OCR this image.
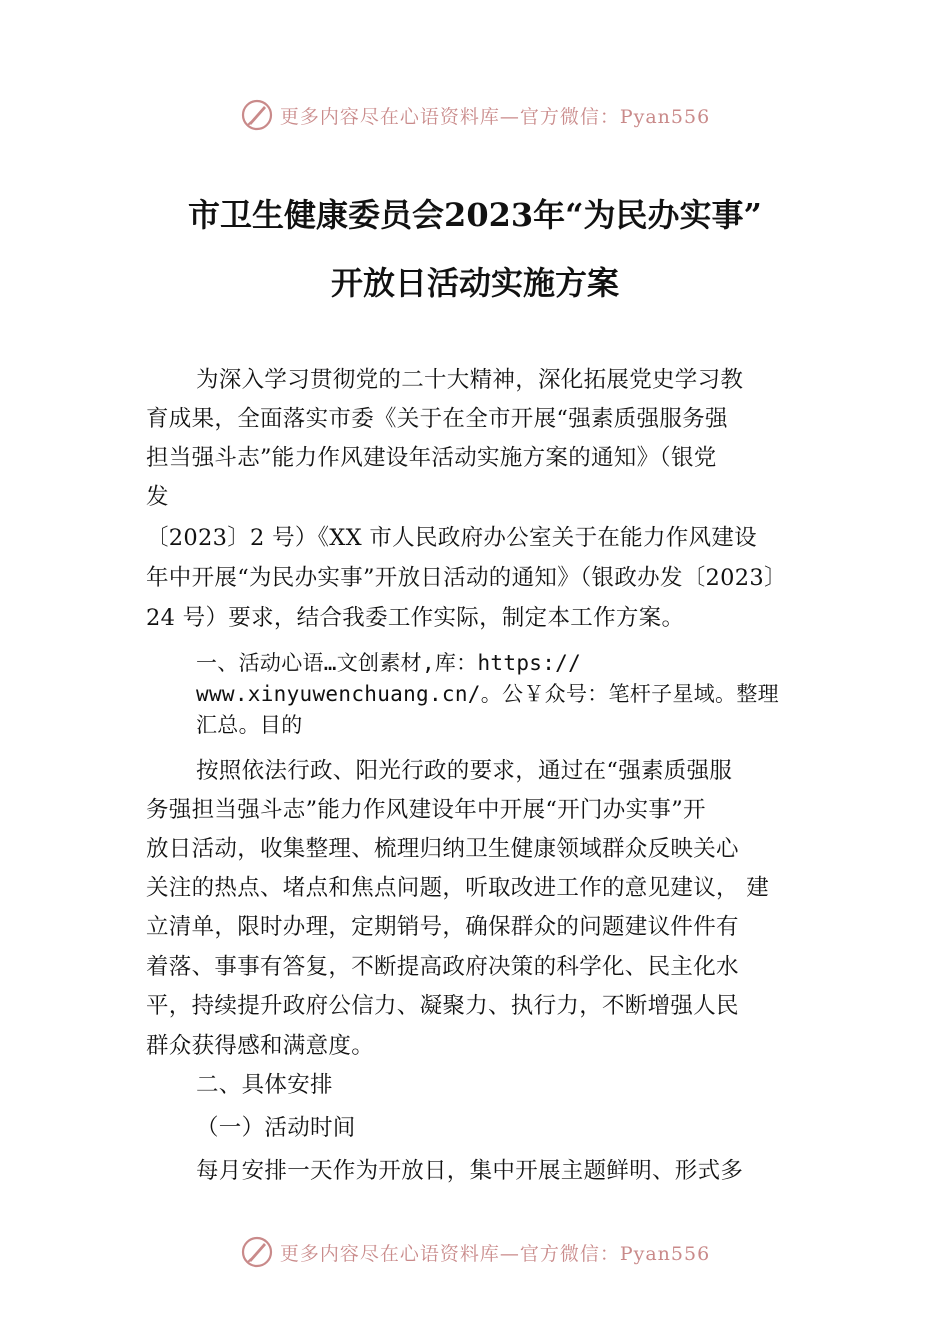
更多内容尽在心语资料库—官方微信：Pyan556
市卫生健康委员会2023年“为民办实事”
开放日活动实施方案
为深入学习贯彻党的二十大精神，深化拓展党史学习教
育成果，全面落实市委《关于在全市开展“强素质强服务强
担当强斗志”能力作风建设年活动实施方案的通知》（银党
发
〔2023〕2 号）《XX 市人民政府办公室关于在能力作风建设
年中开展“为民办实事”开放日活动的通知》（银政办发〔2023〕
24 号）要求，结合我委工作实际，制定本工作方案。
一、活动心语…文创素材,库：https://
www.xinyuwenchuang.cn/。公￥众号：笔杆子星域。整理
汇总。目的
按照依法行政、阳光行政的要求，通过在“强素质强服
务强担当强斗志”能力作风建设年中开展“开门办实事”开
放日活动，收集整理、梳理归纳卫生健康领域群众反映关心
关注的热点、堵点和焦点问题，听取改进工作的意见建议， 建
立清单，限时办理，定期销号，确保群众的问题建议件件有
着落、事事有答复，不断提高政府决策的科学化、民主化水
平，持续提升政府公信力、凝聚力、执行力，不断增强人民
群众获得感和满意度。
二、具体安排
（一）活动时间
每月安排一天作为开放日，集中开展主题鲜明、形式多
更多内容尽在心语资料库—官方微信：Pyan556
